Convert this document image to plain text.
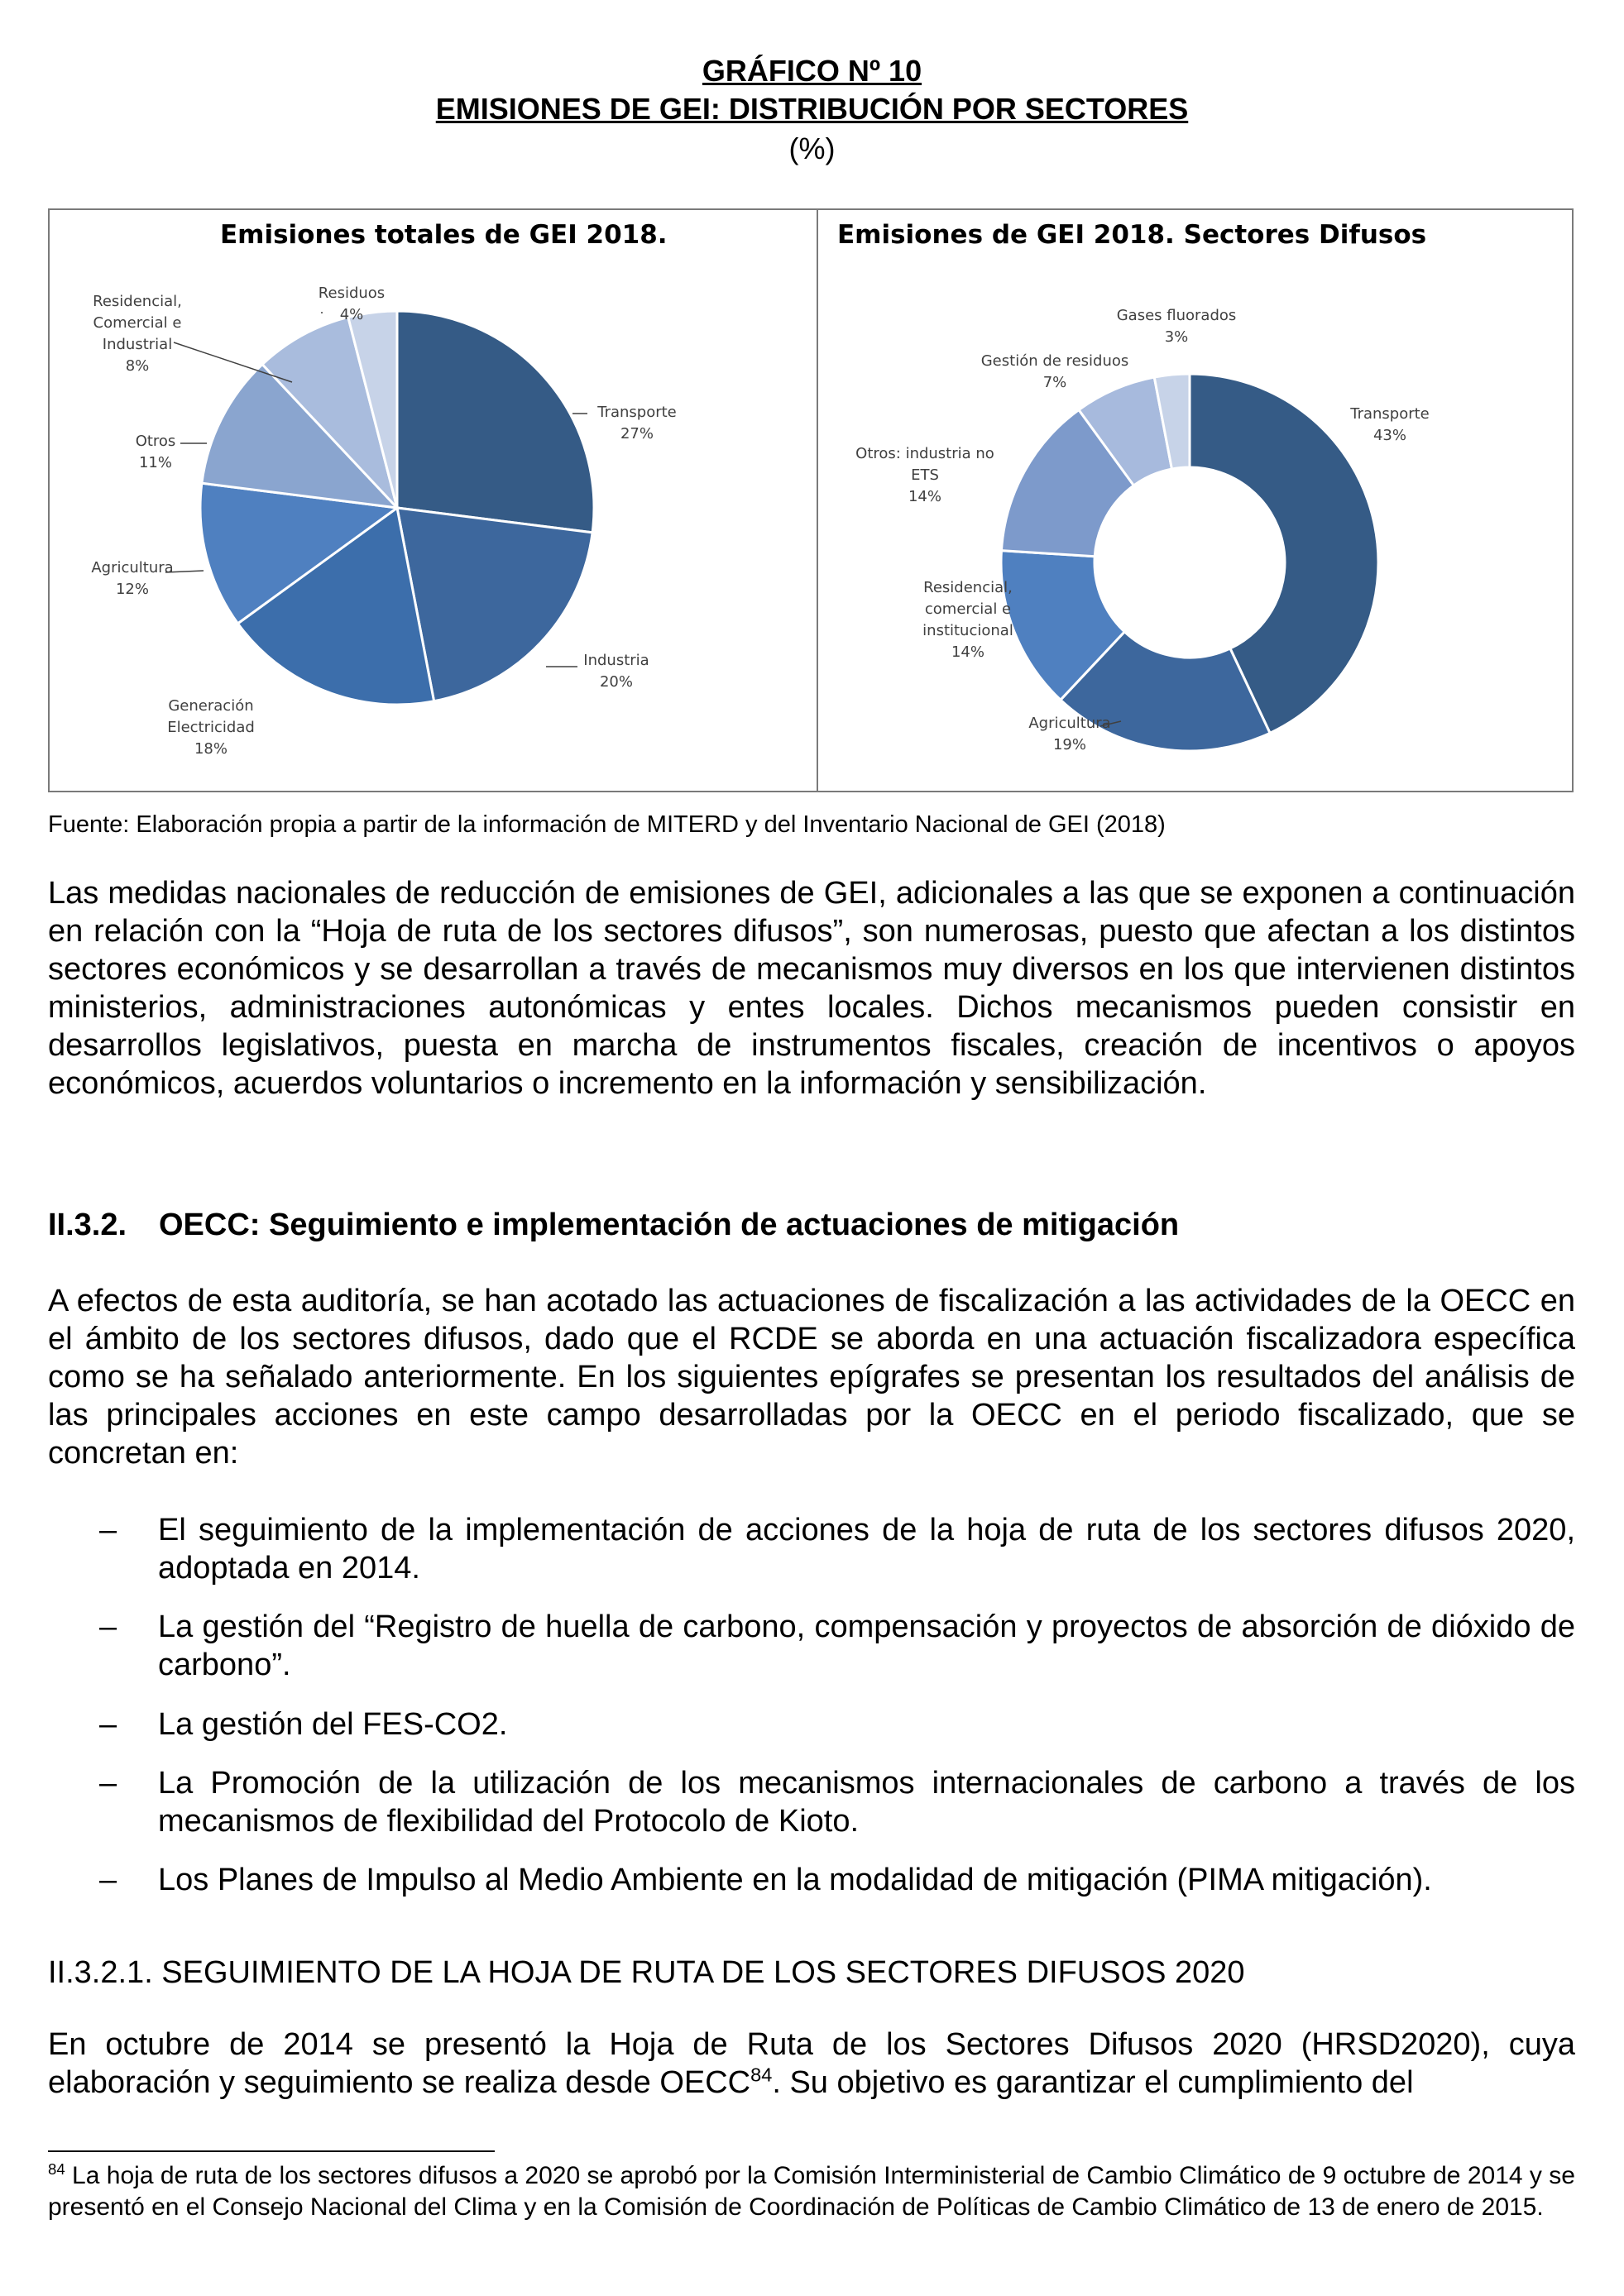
GRÁFICO Nº 10
EMISIONES DE GEI: DISTRIBUCIÓN POR SECTORES
(%)
Emisiones totales de GEI 2018.	Emisiones de GEI 2018. Sectores Difusos
Transporte 27%
Industria 20%
Generación Electricidad 18%
Agricultura 12%
Otros 11%
Residencial, Comercial e Industrial 8%
Residuos 4%
Transporte 43%
Agricultura 19%
Residencial, comercial e institucional 14%
Otros: industria no ETS 14%
Gestión de residuos 7%
Gases fluorados 3%
Fuente: Elaboración propia a partir de la información de MITERD y del Inventario Nacional de GEI (2018)

Las medidas nacionales de reducción de emisiones de GEI, adicionales a las que se exponen a continuación en relación con la “Hoja de ruta de los sectores difusos”, son numerosas, puesto que afectan a los distintos sectores económicos y se desarrollan a través de mecanismos muy diversos en los que intervienen distintos ministerios, administraciones autonómicas y entes locales. Dichos mecanismos pueden consistir en desarrollos legislativos, puesta en marcha de instrumentos fiscales, creación de incentivos o apoyos económicos, acuerdos voluntarios o incremento en la información y sensibilización.

II.3.2. OECC: Seguimiento e implementación de actuaciones de mitigación

A efectos de esta auditoría, se han acotado las actuaciones de fiscalización a las actividades de la OECC en el ámbito de los sectores difusos, dado que el RCDE se aborda en una actuación fiscalizadora específica como se ha señalado anteriormente. En los siguientes epígrafes se presentan los resultados del análisis de las principales acciones en este campo desarrolladas por la OECC en el periodo fiscalizado, que se concretan en:

– El seguimiento de la implementación de acciones de la hoja de ruta de los sectores difusos 2020, adoptada en 2014.

– La gestión del “Registro de huella de carbono, compensación y proyectos de absorción de dióxido de carbono”.

– La gestión del FES-CO2.

– La Promoción de la utilización de los mecanismos internacionales de carbono a través de los mecanismos de flexibilidad del Protocolo de Kioto.

– Los Planes de Impulso al Medio Ambiente en la modalidad de mitigación (PIMA mitigación).

II.3.2.1. SEGUIMIENTO DE LA HOJA DE RUTA DE LOS SECTORES DIFUSOS 2020

En octubre de 2014 se presentó la Hoja de Ruta de los Sectores Difusos 2020 (HRSD2020), cuya elaboración y seguimiento se realiza desde OECC$^{84}$. Su objetivo es garantizar el cumplimiento del

$^{84}$ La hoja de ruta de los sectores difusos a 2020 se aprobó por la Comisión Interministerial de Cambio Climático de 9 octubre de 2014 y se presentó en el Consejo Nacional del Clima y en la Comisión de Coordinación de Políticas de Cambio Climático de 13 de enero de 2015.
